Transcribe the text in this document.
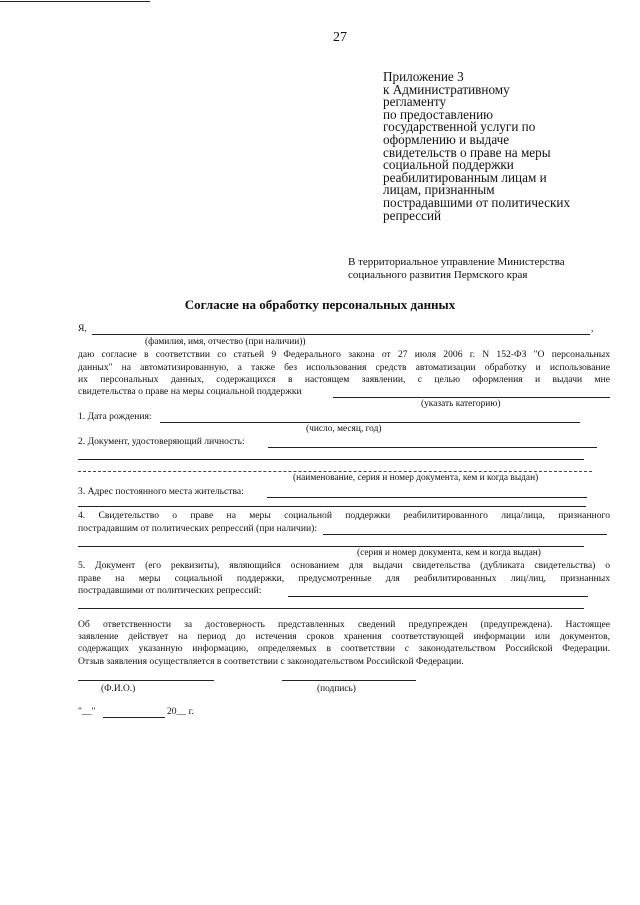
27
Приложение 3
к Административному
регламенту
по предоставлению
государственной услуги по
оформлению и выдаче
свидетельств о праве на меры
социальной поддержки
реабилитированным лицам и
лицам, признанным
пострадавшими от политических
репрессий
В территориальное управление Министерства
социального развития Пермского края
Согласие на обработку персональных данных
Я,	,
(фамилия, имя, отчество (при наличии))
даю согласие в соответствии со статьей 9 Федерального закона от 27 июля 2006 г. N 152-ФЗ "О персональных
данных" на автоматизированную, а также без использования средств автоматизации обработку и использование
их персональных данных, содержащихся в настоящем заявлении, с целью оформления и выдачи мне
свидетельства о праве на меры социальной поддержки
(указать категорию)
1. Дата рождения:
(число, месяц, год)
2. Документ, удостоверяющий личность:
(наименование, серия и номер документа, кем и когда выдан)
3. Адрес постоянного места жительства:
4. Свидетельство о праве на меры социальной поддержки реабилитированного лица/лица, признанного
пострадавшим от политических репрессий (при наличии):
(серия и номер документа, кем и когда выдан)
5. Документ (его реквизиты), являющийся основанием для выдачи свидетельства (дубликата свидетельства) о
праве на меры социальной поддержки, предусмотренные для реабилитированных лиц/лиц, признанных
пострадавшими от политических репрессий:
Об ответственности за достоверность представленных сведений предупрежден (предупреждена). Настоящее
заявление действует на период до истечения сроков хранения соответствующей информации или документов,
содержащих указанную информацию, определяемых в соответствии с законодательством Российской Федерации.
Отзыв заявления осуществляется в соответствии с законодательством Российской Федерации.
(Ф.И.О.)	(подпись)
"__"	20__ г.
